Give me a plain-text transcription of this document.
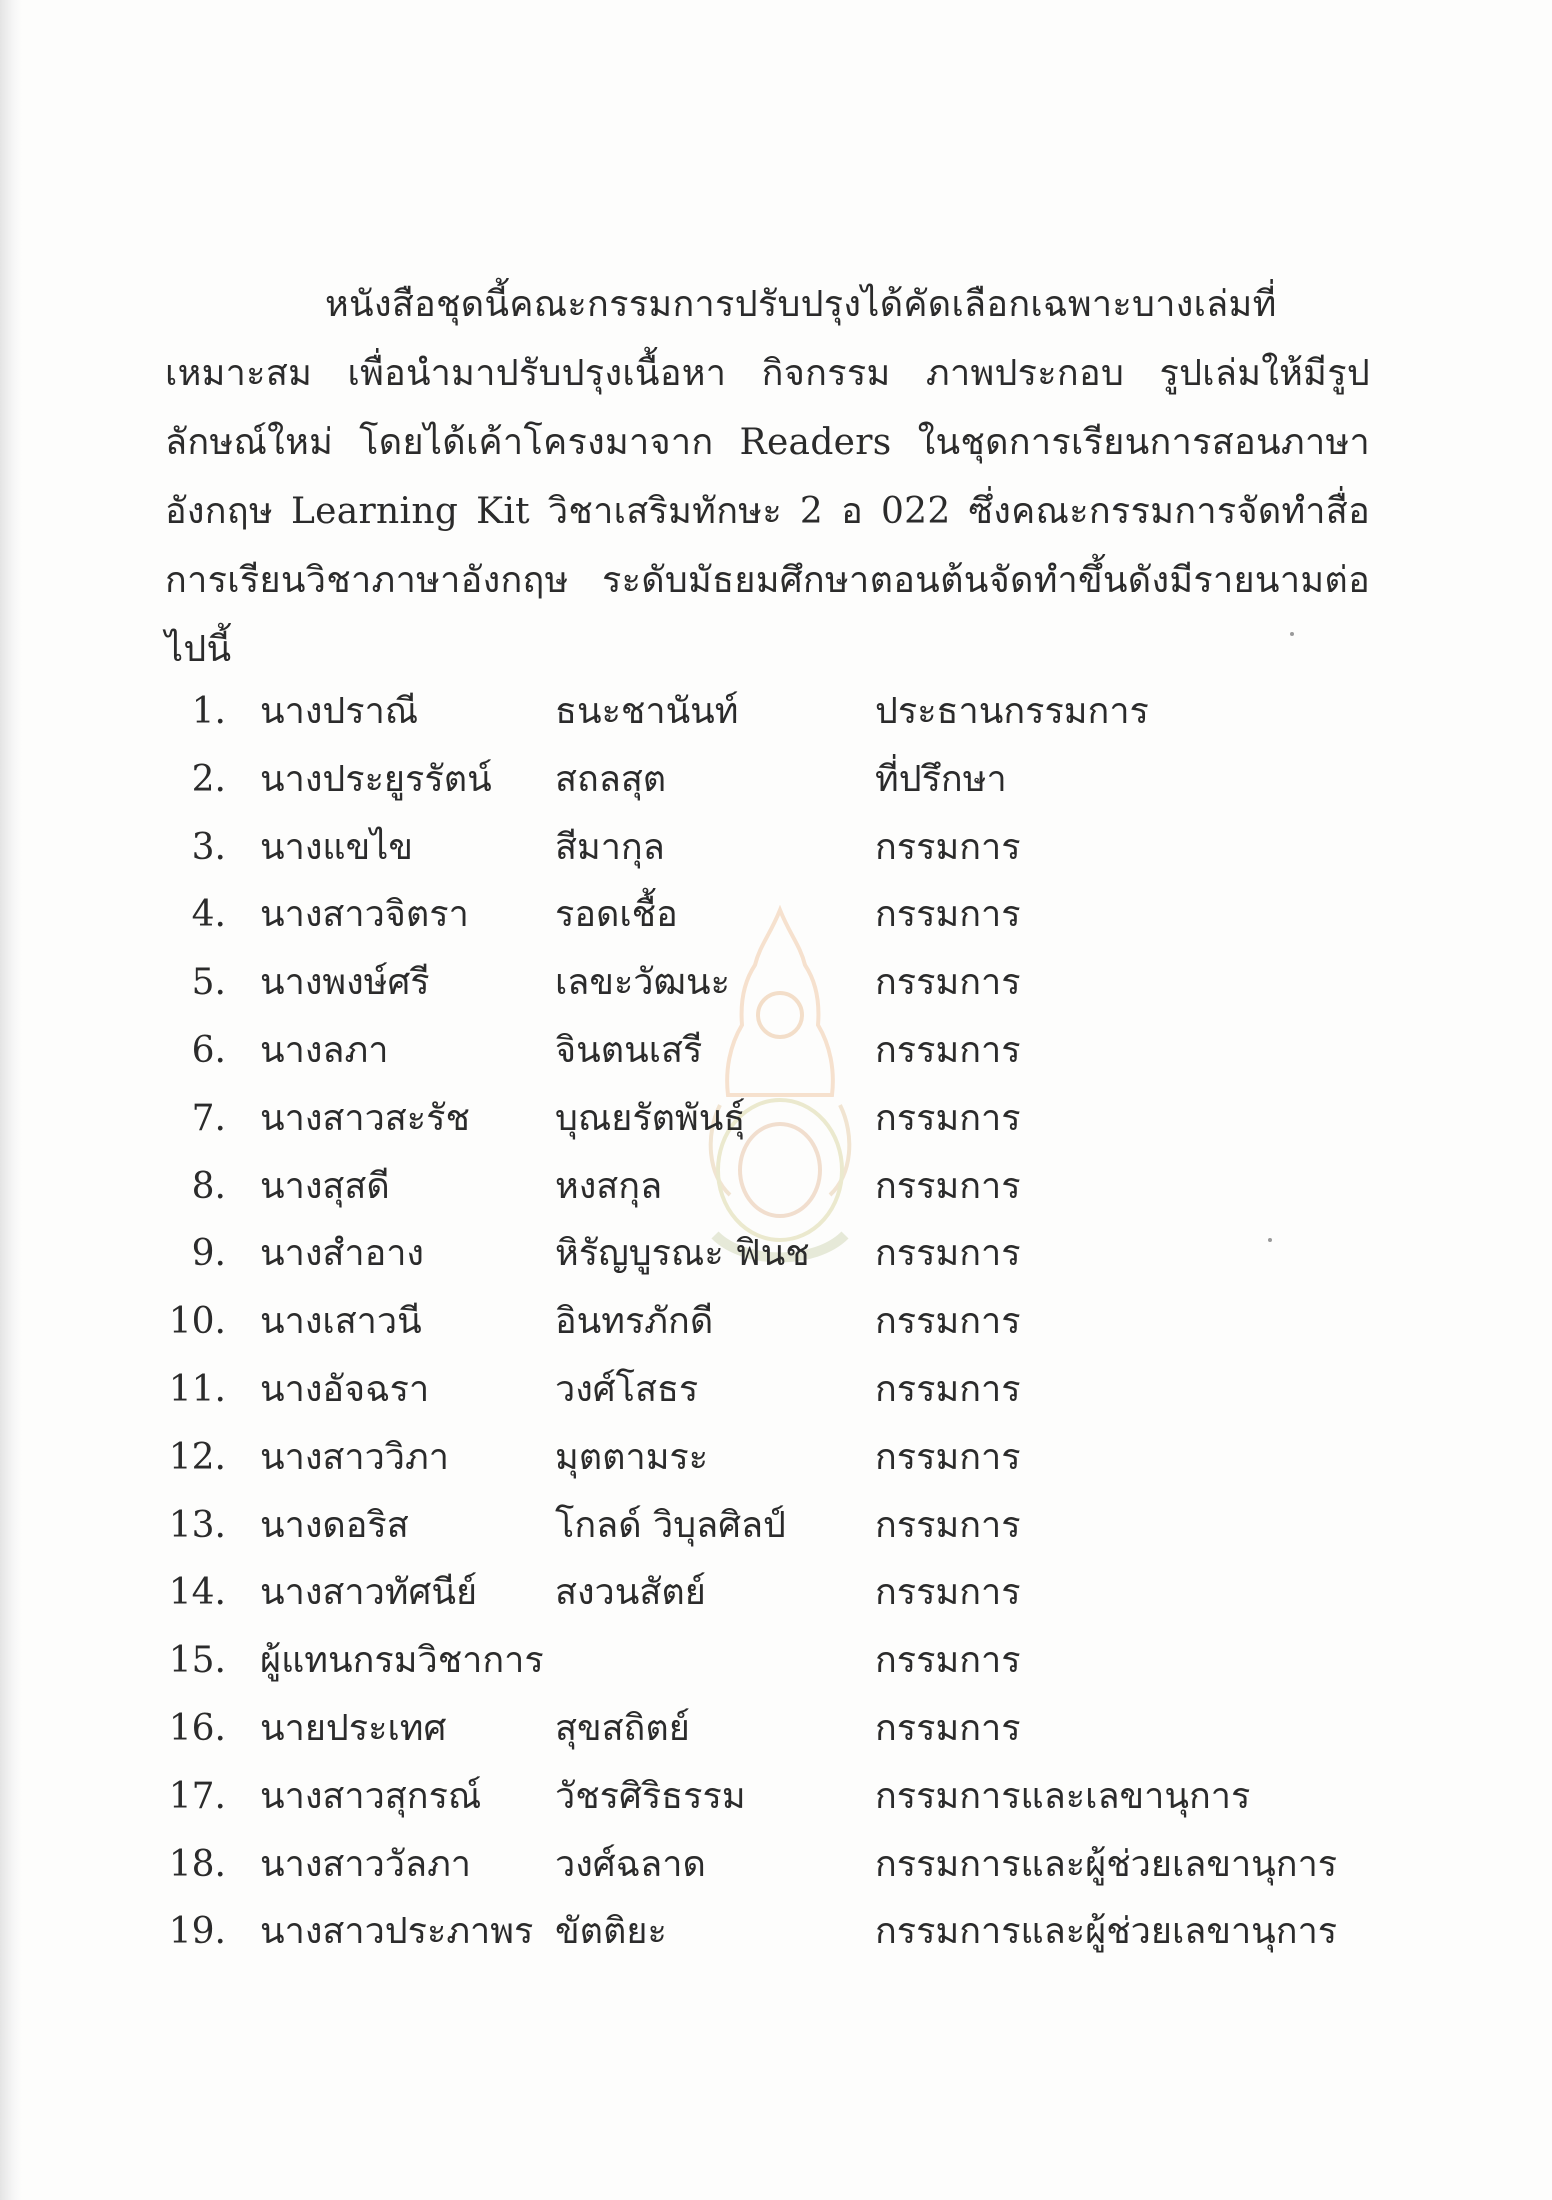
หนังสือชุดนี้คณะกรรมการปรับปรุงได้คัดเลือกเฉพาะบางเล่มที่เหมาะสม เพื่อนำมาปรับปรุงเนื้อหา กิจกรรม ภาพประกอบ รูปเล่มให้มีรูปลักษณ์ใหม่ โดยได้เค้าโครงมาจาก Readers ในชุดการเรียนการสอนภาษาอังกฤษ Learning Kit วิชาเสริมทักษะ 2 อ 022 ซึ่งคณะกรรมการจัดทำสื่อการเรียนวิชาภาษาอังกฤษ ระดับมัธยมศึกษาตอนต้นจัดทำขึ้นดังมีรายนามต่อไปนี้

1. นางปราณี	ธนะชานันท์	ประธานกรรมการ
2. นางประยูรรัตน์ สถลสุต	ที่ปรึกษา
3. นางแขไข	สีมากุล	กรรมการ
4. นางสาวจิตรา รอดเชื้อ	กรรมการ
5. นางพงษ์ศรี	เลขะวัฒนะ	กรรมการ
6. นางลภา	จินตนเสรี	กรรมการ
7. นางสาวสะรัช บุณยรัตพันธุ์	กรรมการ
8. นางสุสดี	หงสกุล	กรรมการ
9. นางสำอาง	หิรัญบูรณะ ฟินช กรรมการ
10. นางเสาวนี	อินทรภักดี	กรรมการ
11. นางอัจฉรา	วงศ์โสธร	กรรมการ
12. นางสาววิภา	มุตตามระ	กรรมการ
13. นางดอริส	โกลด์ วิบุลศิลป์ กรรมการ
14. นางสาวทัศนีย์ สงวนสัตย์	กรรมการ
15. ผู้แทนกรมวิชาการ	กรรมการ
16. นายประเทศ	สุขสถิตย์	กรรมการ
17. นางสาวสุกรณ์ วัชรศิริธรรม	กรรมการและเลขานุการ
18. นางสาววัลภา วงศ์ฉลาด	กรรมการและผู้ช่วยเลขานุการ
19. นางสาวประภาพร ขัตติยะ	กรรมการและผู้ช่วยเลขานุการ
